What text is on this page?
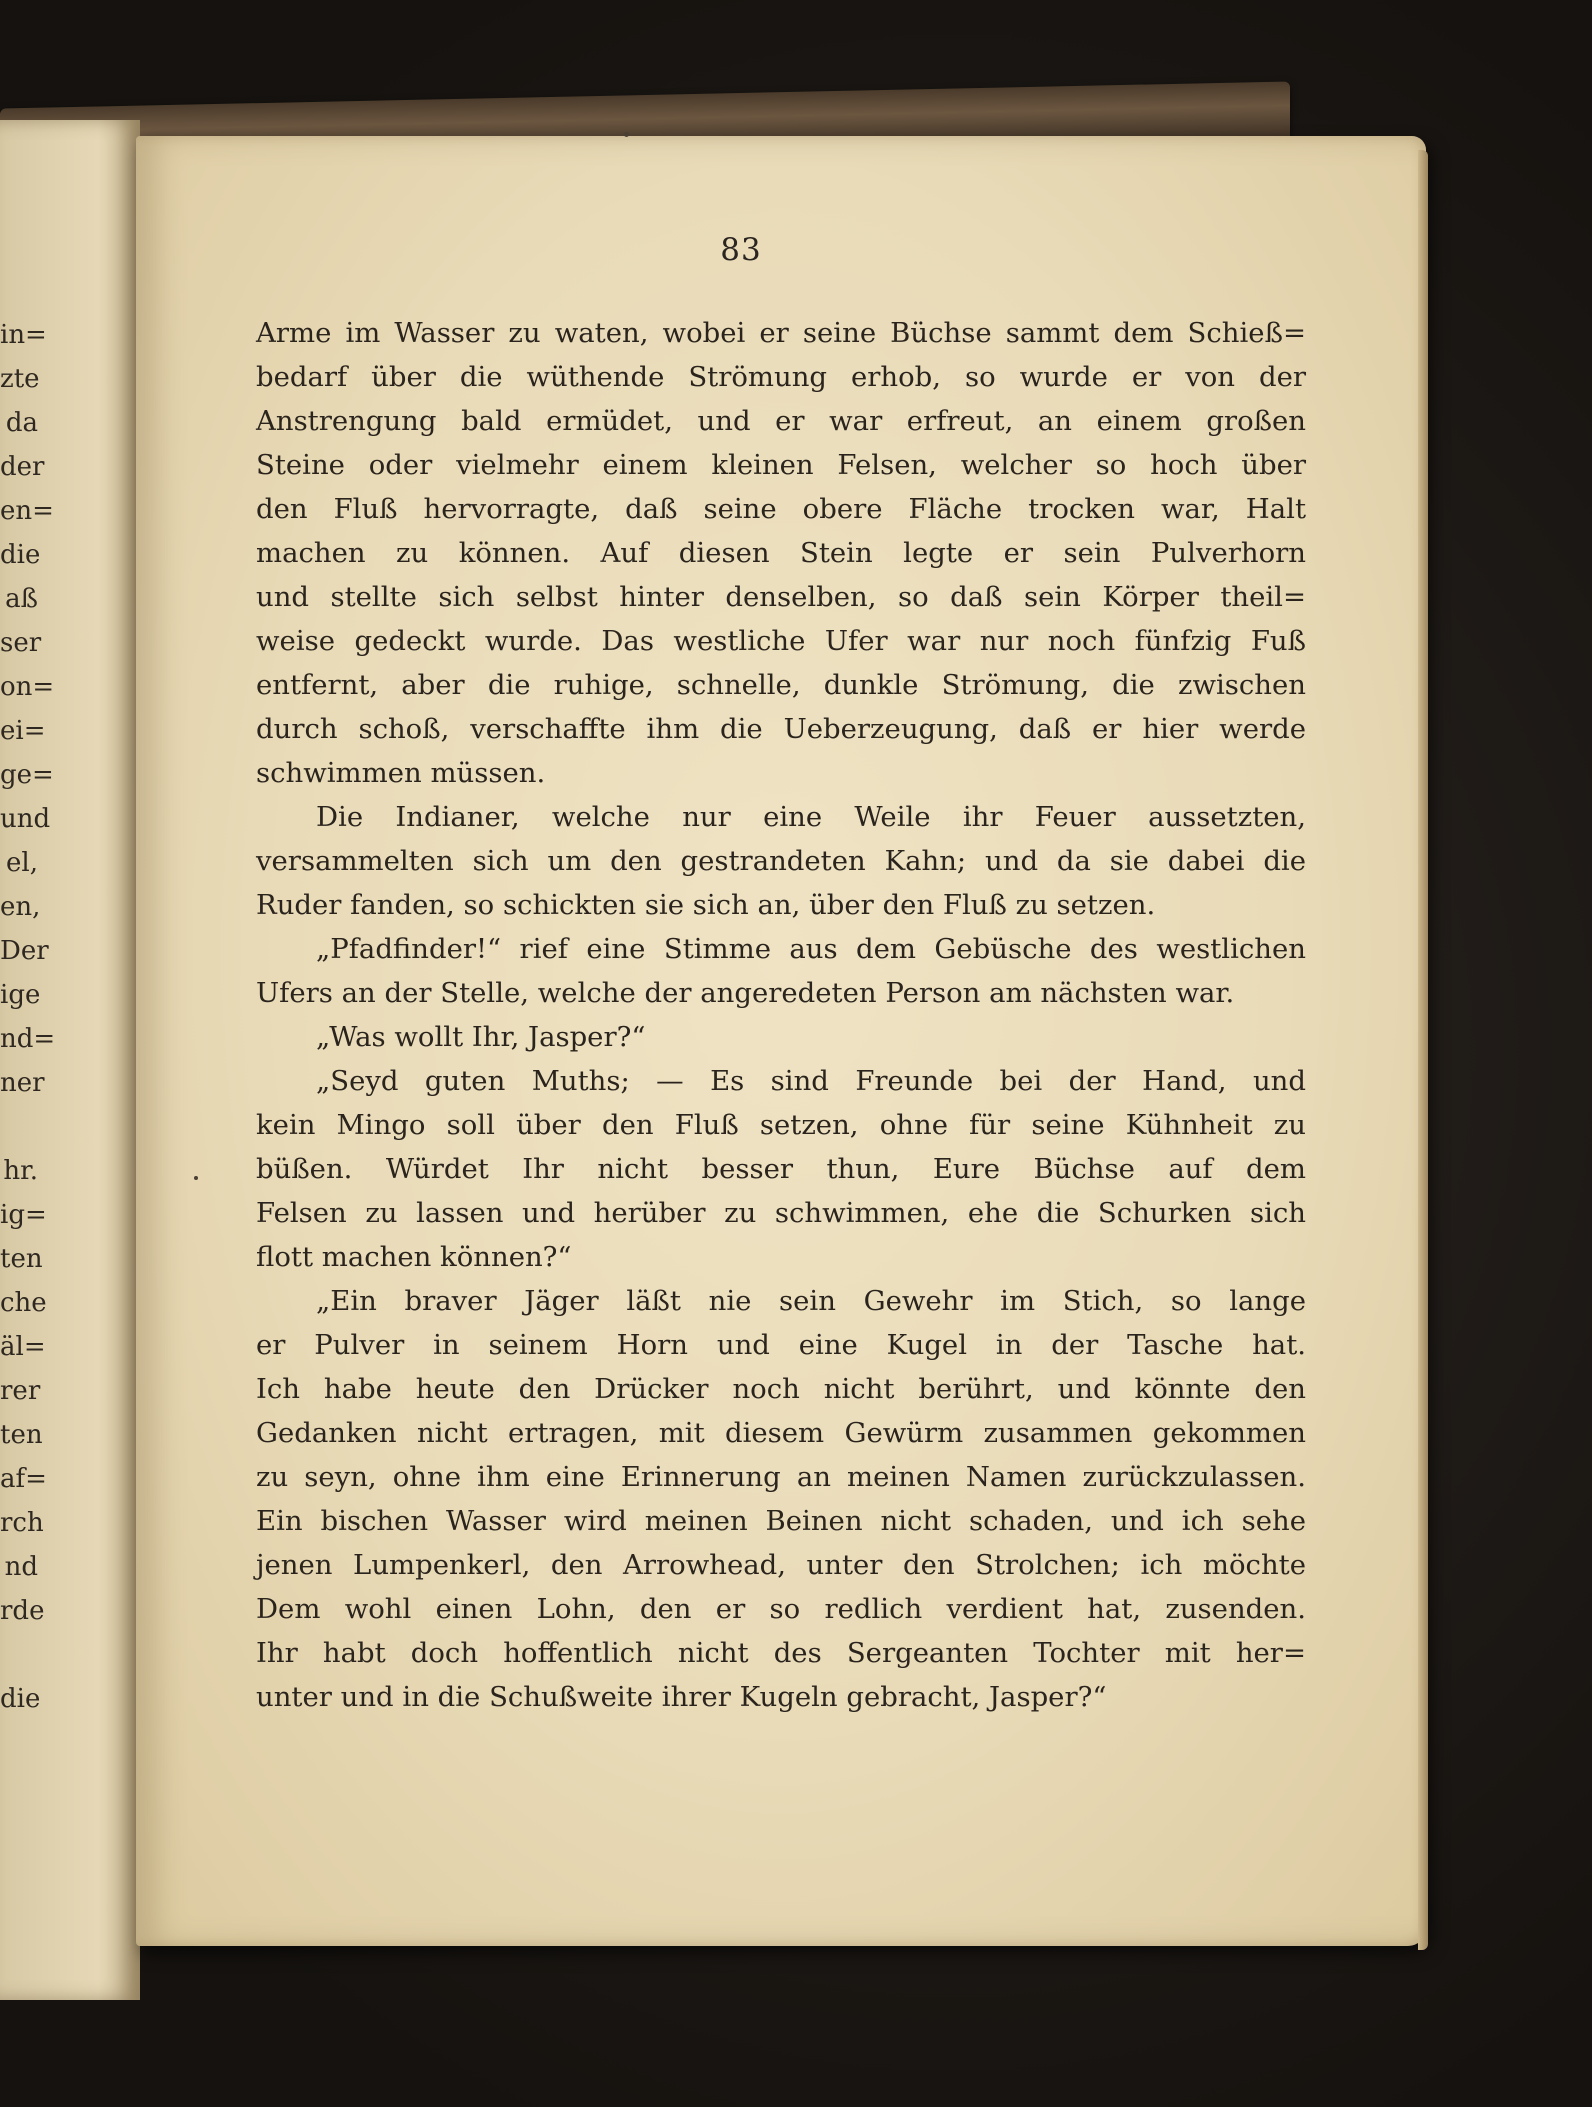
in=
zte
da
der
en=
die
aß
ser
on=
ei=
ge=
und
el,
en,
Der
ige
nd=
ner
hr.
ig=
ten
che
äl=
rer
ten
af=
rch
nd
rde
die
83
Arme im Wasser zu waten, wobei er seine Büchse sammt dem Schieß=
bedarf über die wüthende Strömung erhob, so wurde er von der
Anstrengung bald ermüdet, und er war erfreut, an einem großen
Steine oder vielmehr einem kleinen Felsen, welcher so hoch über
den Fluß hervorragte, daß seine obere Fläche trocken war, Halt
machen zu können. Auf diesen Stein legte er sein Pulverhorn
und stellte sich selbst hinter denselben, so daß sein Körper theil=
weise gedeckt wurde. Das westliche Ufer war nur noch fünfzig Fuß
entfernt, aber die ruhige, schnelle, dunkle Strömung, die zwischen
durch schoß, verschaffte ihm die Ueberzeugung, daß er hier werde
schwimmen müssen.
Die Indianer, welche nur eine Weile ihr Feuer aussetzten,
versammelten sich um den gestrandeten Kahn; und da sie dabei die
Ruder fanden, so schickten sie sich an, über den Fluß zu setzen.
„Pfadfinder!“ rief eine Stimme aus dem Gebüsche des westlichen
Ufers an der Stelle, welche der angeredeten Person am nächsten war.
„Was wollt Ihr, Jasper?“
„Seyd guten Muths; — Es sind Freunde bei der Hand, und
kein Mingo soll über den Fluß setzen, ohne für seine Kühnheit zu
büßen. Würdet Ihr nicht besser thun, Eure Büchse auf dem
Felsen zu lassen und herüber zu schwimmen, ehe die Schurken sich
flott machen können?“
„Ein braver Jäger läßt nie sein Gewehr im Stich, so lange
er Pulver in seinem Horn und eine Kugel in der Tasche hat.
Ich habe heute den Drücker noch nicht berührt, und könnte den
Gedanken nicht ertragen, mit diesem Gewürm zusammen gekommen
zu seyn, ohne ihm eine Erinnerung an meinen Namen zurückzulassen.
Ein bischen Wasser wird meinen Beinen nicht schaden, und ich sehe
jenen Lumpenkerl, den Arrowhead, unter den Strolchen; ich möchte
Dem wohl einen Lohn, den er so redlich verdient hat, zusenden.
Ihr habt doch hoffentlich nicht des Sergeanten Tochter mit her=
unter und in die Schußweite ihrer Kugeln gebracht, Jasper?“
